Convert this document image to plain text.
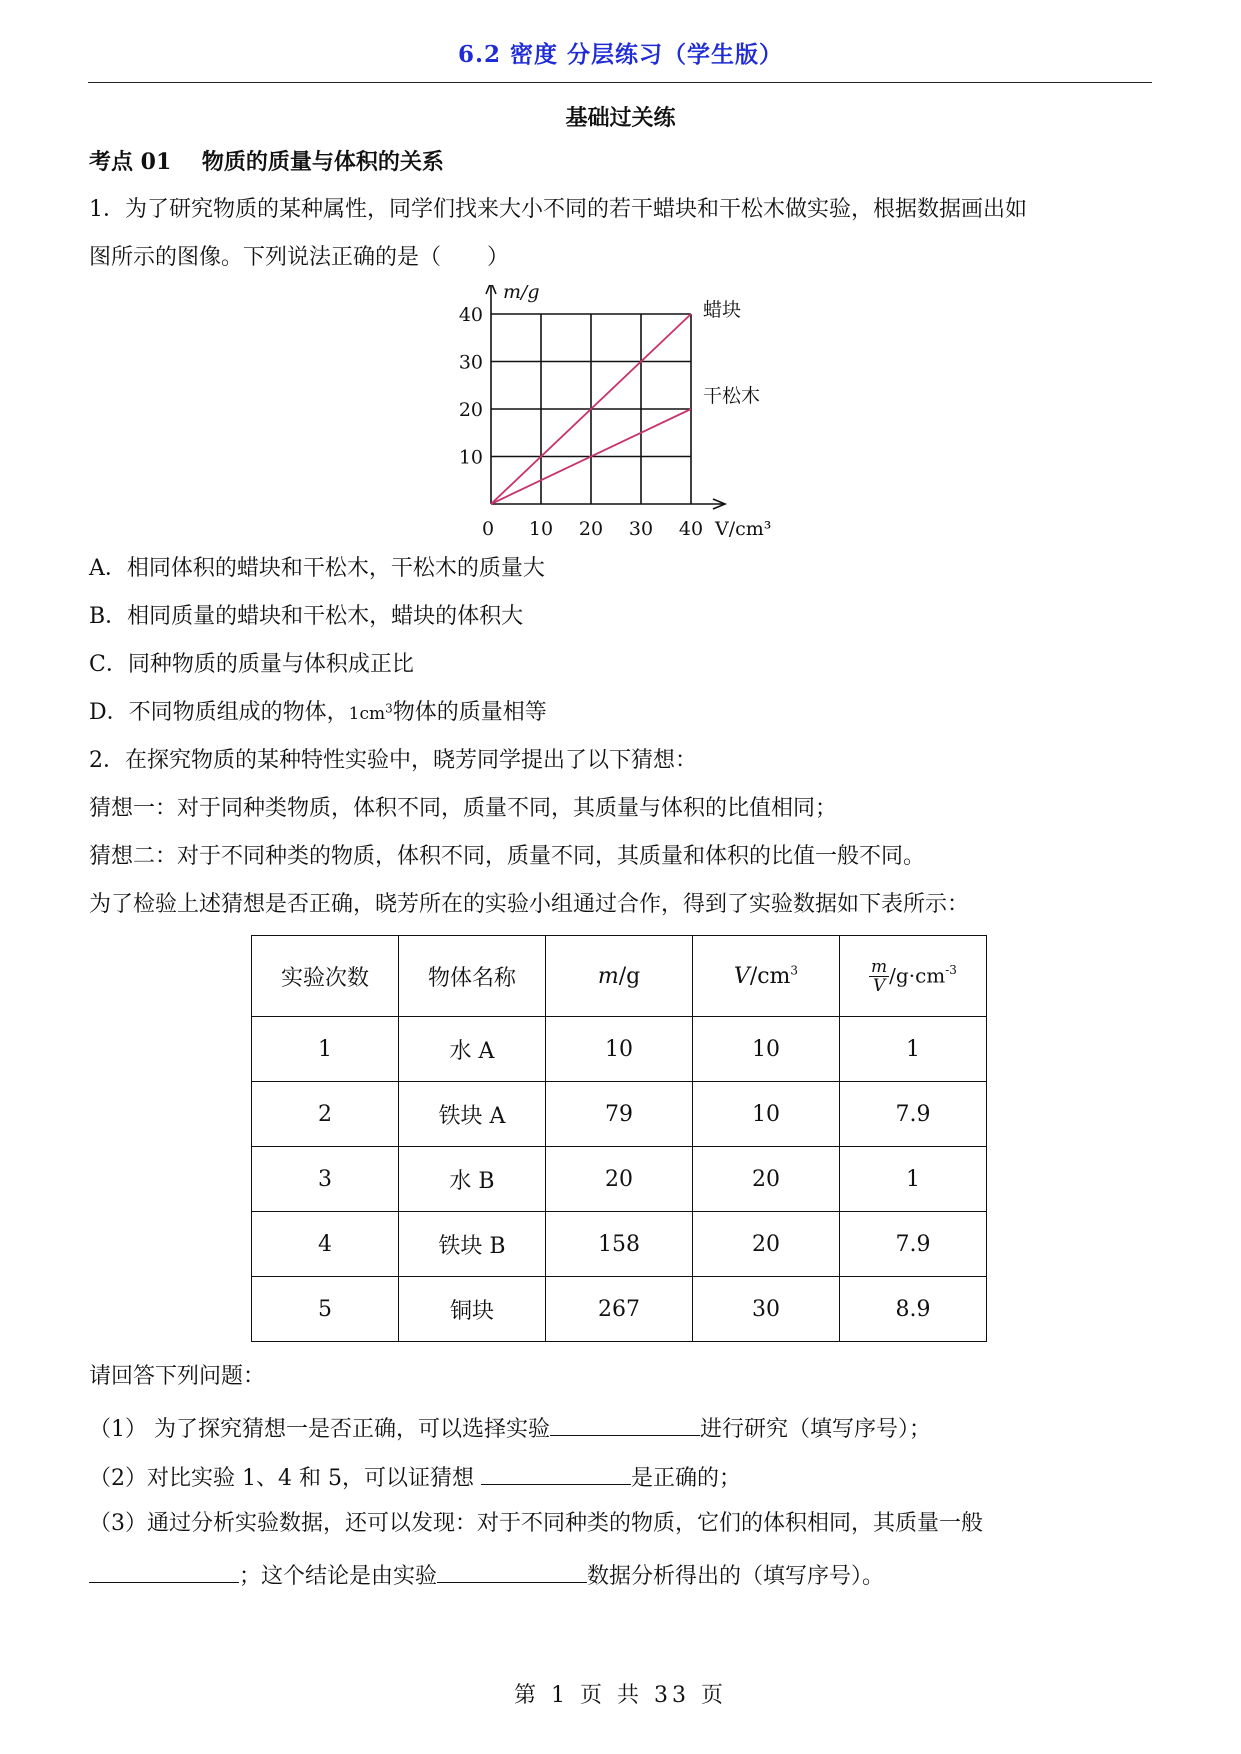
6.2 密度 分层练习（学生版）
基础过关练
考点 01 物质的质量与体积的关系
1．为了研究物质的某种属性，同学们找来大小不同的若干蜡块和干松木做实验，根据数据画出如
图所示的图像。下列说法正确的是（ ）
m/g
V/cm³
0 10 20 30 40
10
20
30
40	蜡块
干松木
A．相同体积的蜡块和干松木，干松木的质量大
B．相同质量的蜡块和干松木，蜡块的体积大
C．同种物质的质量与体积成正比
D．不同物质组成的物体，$1cm^3$物体的质量相等
2．在探究物质的某种特性实验中，晓芳同学提出了以下猜想：
猜想一：对于同种类物质，体积不同，质量不同，其质量与体积的比值相同；
猜想二：对于不同种类的物质，体积不同，质量不同，其质量和体积的比值一般不同。
为了检验上述猜想是否正确，晓芳所在的实验小组通过合作，得到了实验数据如下表所示：
实验次数	物体名称	m/g	$V/cm^3$	$\frac{m}{V} /g\cdot cm^{-3}$
1	水 A	10	10	1
2	铁块 A	79	10	7.9
3	水 B	20	20	1
4	铁块 B	158	20	7.9
5	铜块	267	30	8.9
请回答下列问题：
（1） 为了探究猜想一是否正确，可以选择实验	进行研究（填写序号）；
（2）对比实验 1、4 和 5，可以证猜想	是正确的；
（3）通过分析实验数据，还可以发现：对于不同种类的物质，它们的体积相同，其质量一般
；这个结论是由实验	数据分析得出的（填写序号）。
第 1 页 共 33 页
